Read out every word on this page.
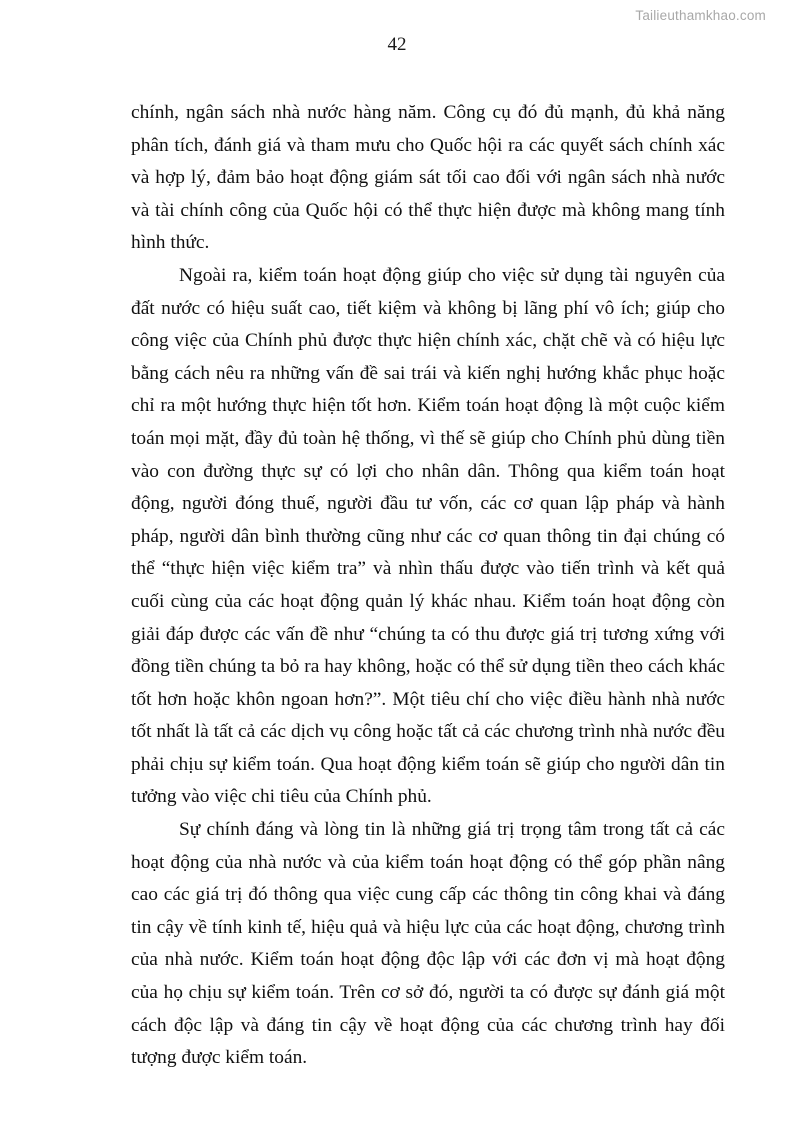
Tailieuthamkhao.com
42

chính, ngân sách nhà nước hàng năm. Công cụ đó đủ mạnh, đủ khả năng phân tích, đánh giá và tham mưu cho Quốc hội ra các quyết sách chính xác và hợp lý, đảm bảo hoạt động giám sát tối cao đối với ngân sách nhà nước và tài chính công của Quốc hội có thể thực hiện được mà không mang tính hình thức.

Ngoài ra, kiểm toán hoạt động giúp cho việc sử dụng tài nguyên của đất nước có hiệu suất cao, tiết kiệm và không bị lãng phí vô ích; giúp cho công việc của Chính phủ được thực hiện chính xác, chặt chẽ và có hiệu lực bằng cách nêu ra những vấn đề sai trái và kiến nghị hướng khắc phục hoặc chỉ ra một hướng thực hiện tốt hơn. Kiểm toán hoạt động là một cuộc kiểm toán mọi mặt, đầy đủ toàn hệ thống, vì thế sẽ giúp cho Chính phủ dùng tiền vào con đường thực sự có lợi cho nhân dân. Thông qua kiểm toán hoạt động, người đóng thuế, người đầu tư vốn, các cơ quan lập pháp và hành pháp, người dân bình thường cũng như các cơ quan thông tin đại chúng có thể “thực hiện việc kiểm tra” và nhìn thấu được vào tiến trình và kết quả cuối cùng của các hoạt động quản lý khác nhau. Kiểm toán hoạt động còn giải đáp được các vấn đề như “chúng ta có thu được giá trị tương xứng với đồng tiền chúng ta bỏ ra hay không, hoặc có thể sử dụng tiền theo cách khác tốt hơn hoặc khôn ngoan hơn?”. Một tiêu chí cho việc điều hành nhà nước tốt nhất là tất cả các dịch vụ công hoặc tất cả các chương trình nhà nước đều phải chịu sự kiểm toán. Qua hoạt động kiểm toán sẽ giúp cho người dân tin tưởng vào việc chi tiêu của Chính phủ.

Sự chính đáng và lòng tin là những giá trị trọng tâm trong tất cả các hoạt động của nhà nước và của kiểm toán hoạt động có thể góp phần nâng cao các giá trị đó thông qua việc cung cấp các thông tin công khai và đáng tin cậy về tính kinh tế, hiệu quả và hiệu lực của các hoạt động, chương trình của nhà nước. Kiểm toán hoạt động độc lập với các đơn vị mà hoạt động của họ chịu sự kiểm toán. Trên cơ sở đó, người ta có được sự đánh giá một cách độc lập và đáng tin cậy về hoạt động của các chương trình hay đối tượng được kiểm toán.
